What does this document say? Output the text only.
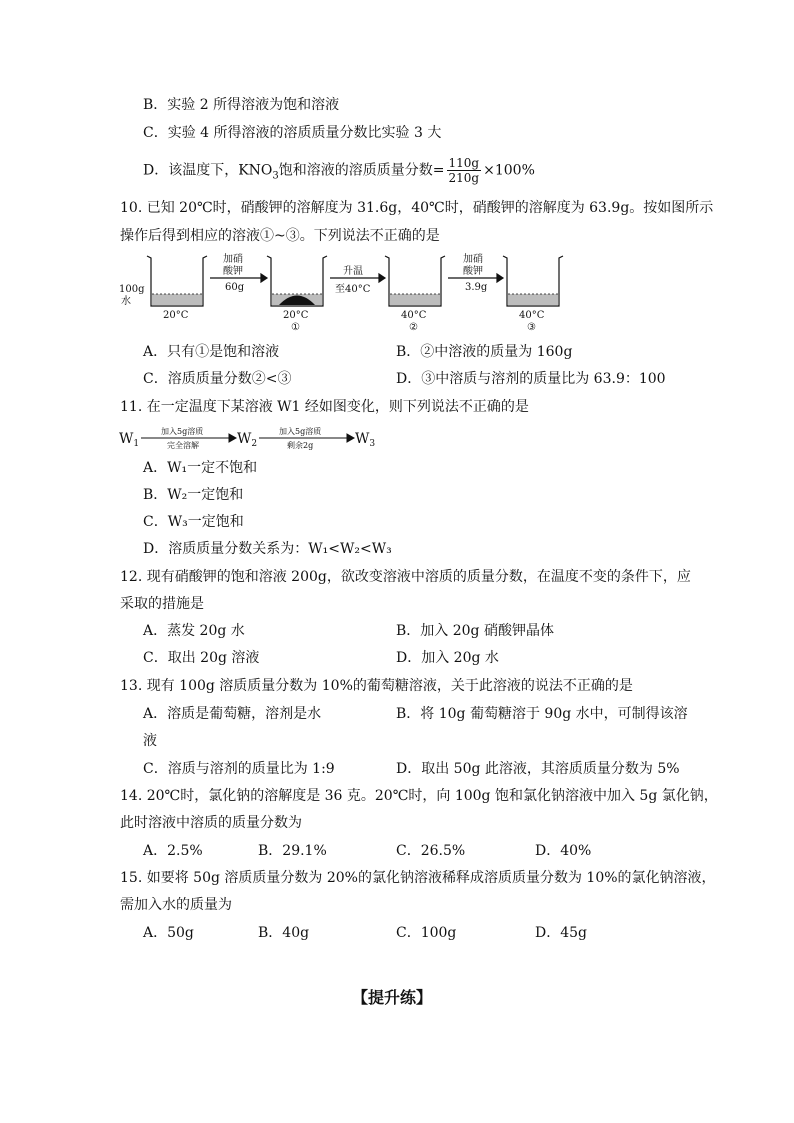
B．实验 2 所得溶液为饱和溶液
C．实验 4 所得溶液的溶质质量分数比实验 3 大
D．该温度下，$KNO_3$饱和溶液的溶质质量分数= $\frac{110g}{210g} \times 100\%$
10. 已知 20℃时，硝酸钾的溶解度为 31.6g，40℃时，硝酸钾的溶解度为 63.9g。按如图所示
操作后得到相应的溶液①~③。下列说法不正确的是
100g
水
加硝
酸钾
60g
升温
至40°C
加硝
酸钾
3.9g
20°C	20°C
①
40°C
②
40°C
③
A．只有①是饱和溶液	B．②中溶液的质量为 160g
C．溶质质量分数②<③	D．③中溶质与溶剂的质量比为 63.9：100
11. 在一定温度下某溶液 W1 经如图变化，则下列说法不正确的是
$W_1$	$W_2$	$W_3$
加入5g溶质
完全溶解
加入5g溶质
剩余2g
A．W₁一定不饱和
B．W₂一定饱和
C．W₃一定饱和
D．溶质质量分数关系为：W₁<W₂<W₃
12. 现有硝酸钾的饱和溶液 200g，欲改变溶液中溶质的质量分数，在温度不变的条件下，应
采取的措施是
A．蒸发 20g 水	B．加入 20g 硝酸钾晶体
C．取出 20g 溶液	D．加入 20g 水
13. 现有 100g 溶质质量分数为 10%的葡萄糖溶液，关于此溶液的说法不正确的是
A．溶质是葡萄糖，溶剂是水	B．将 10g 葡萄糖溶于 90g 水中，可制得该溶
液
C．溶质与溶剂的质量比为 1:9	D．取出 50g 此溶液，其溶质质量分数为 5%
14. 20℃时，氯化钠的溶解度是 36 克。20℃时，向 100g 饱和氯化钠溶液中加入 5g 氯化钠，
此时溶液中溶质的质量分数为
A．2.5%	B．29.1%	C．26.5%	D．40%
15. 如要将 50g 溶质质量分数为 20%的氯化钠溶液稀释成溶质质量分数为 10%的氯化钠溶液，
需加入水的质量为
A．50g	B．40g	C．100g	D．45g
【提升练】
